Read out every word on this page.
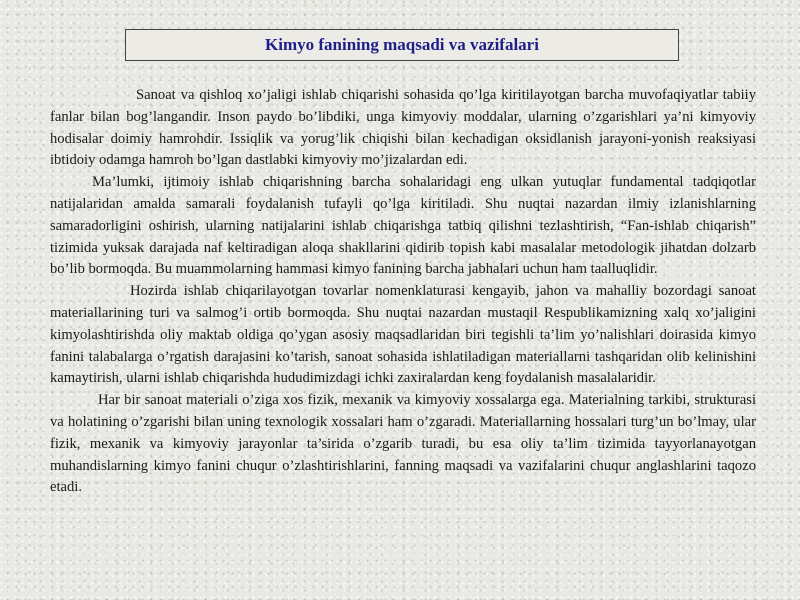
Kimyo fanining maqsadi va vazifalari

Sanoat va qishloq xo’jaligi ishlab chiqarishi sohasida qo’lga kiritilayotgan barcha muvofaqiyatlar tabiiy fanlar bilan bog’langandir. Inson paydo bo’libdiki, unga kimyoviy moddalar, ularning o’zgarishlari ya’ni kimyoviy hodisalar doimiy hamrohdir. Issiqlik va yorug’lik chiqishi bilan kechadigan oksidlanish jarayoni-yonish reaksiyasi ibtidoiy odamga hamroh bo’lgan dastlabki kimyoviy mo’jizalardan edi.

Ma’lumki, ijtimoiy ishlab chiqarishning barcha sohalaridagi eng ulkan yutuqlar fundamental tadqiqotlar natijalaridan amalda samarali foydalanish tufayli qo’lga kiritiladi. Shu nuqtai nazardan ilmiy izlanishlarning samaradorligini oshirish, ularning natijalarini ishlab chiqarishga tatbiq qilishni tezlashtirish, “Fan-ishlab chiqarish” tizimida yuksak darajada naf keltiradigan aloqa shakllarini qidirib topish kabi masalalar metodologik jihatdan dolzarb bo’lib bormoqda. Bu muammolarning hammasi kimyo fanining barcha jabhalari uchun ham taalluqlidir.

Hozirda ishlab chiqarilayotgan tovarlar nomenklaturasi kengayib, jahon va mahalliy bozordagi sanoat materiallarining turi va salmog’i ortib bormoqda. Shu nuqtai nazardan mustaqil Respublikamizning xalq xo’jaligini kimyolashtirishda oliy maktab oldiga qo’ygan asosiy maqsadlaridan biri tegishli ta’lim yo’nalishlari doirasida kimyo fanini talabalarga o’rgatish darajasini ko’tarish, sanoat sohasida ishlatiladigan materiallarni tashqaridan olib kelinishini kamaytirish, ularni ishlab chiqarishda hududimizdagi ichki zaxiralardan keng foydalanish masalalaridir.

Har bir sanoat materiali o’ziga xos fizik, mexanik va kimyoviy xossalarga ega. Materialning tarkibi, strukturasi va holatining o’zgarishi bilan uning texnologik xossalari ham o’zgaradi. Materiallarning hossalari turg’un bo’lmay, ular fizik, mexanik va kimyoviy jarayonlar ta’sirida o’zgarib turadi, bu esa oliy ta’lim tizimida tayyorlanayotgan muhandislarning kimyo fanini chuqur o’zlashtirishlarini, fanning maqsadi va vazifalarini chuqur anglashlarini taqozo etadi.
